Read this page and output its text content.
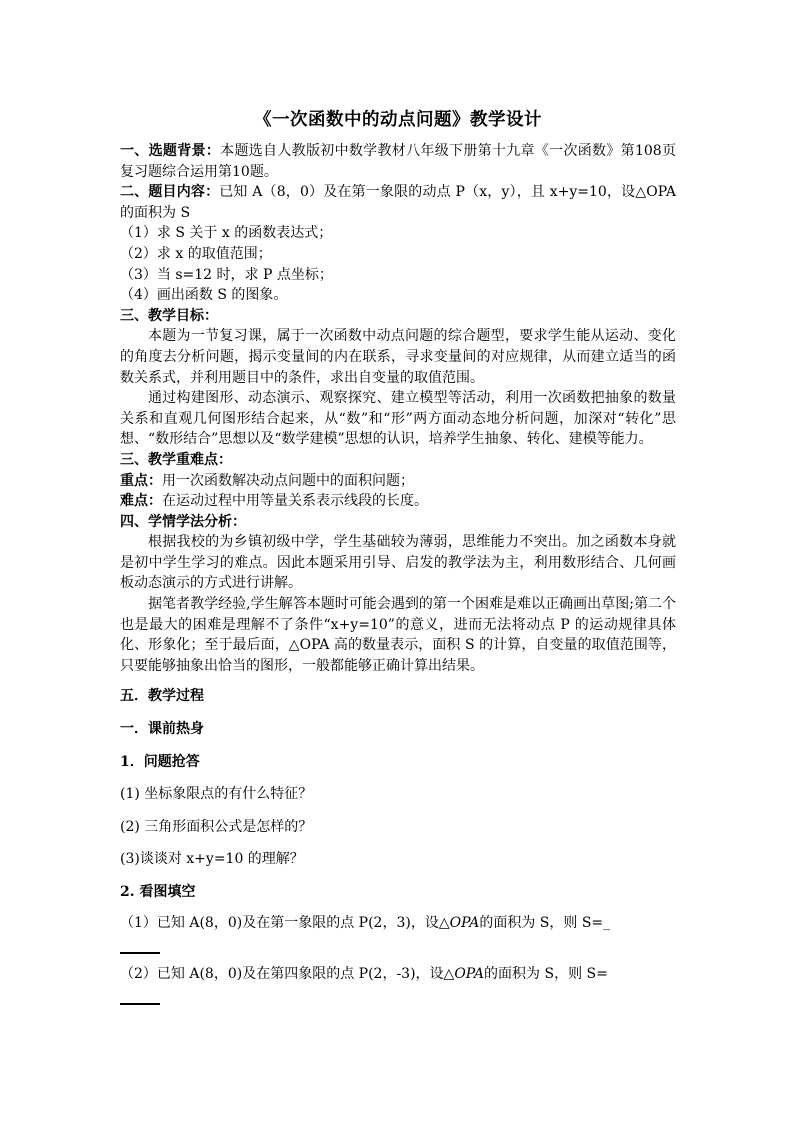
《一次函数中的动点问题》教学设计

一、选题背景：本题选自人教版初中数学教材八年级下册第十九章《一次函数》第108页复习题综合运用第10题。

二、题目内容：已知 A（8，0）及在第一象限的动点 P（x，y），且 x+y=10，设△OPA的面积为 S

（1）求 S 关于 x 的函数表达式；

（2）求 x 的取值范围；

（3）当 s=12 时，求 P 点坐标；

（4）画出函数 S 的图象。

三、教学目标：

本题为一节复习课，属于一次函数中动点问题的综合题型，要求学生能从运动、变化的角度去分析问题，揭示变量间的内在联系，寻求变量间的对应规律，从而建立适当的函数关系式，并利用题目中的条件，求出自变量的取值范围。

通过构建图形、动态演示、观察探究、建立模型等活动，利用一次函数把抽象的数量关系和直观几何图形结合起来，从“数”和“形”两方面动态地分析问题，加深对“转化”思想、“数形结合”思想以及“数学建模”思想的认识，培养学生抽象、转化、建模等能力。

三、教学重难点：

重点：用一次函数解决动点问题中的面积问题；

难点：在运动过程中用等量关系表示线段的长度。

四、学情学法分析：

根据我校的为乡镇初级中学，学生基础较为薄弱，思维能力不突出。加之函数本身就是初中学生学习的难点。因此本题采用引导、启发的教学法为主，利用数形结合、几何画板动态演示的方式进行讲解。

据笔者教学经验,学生解答本题时可能会遇到的第一个困难是难以正确画出草图;第二个也是最大的困难是理解不了条件“x+y=10”的意义，进而无法将动点 P 的运动规律具体化、形象化；至于最后面，△OPA 高的数量表示，面积 S 的计算，自变量的取值范围等，只要能够抽象出恰当的图形，一般都能够正确计算出结果。

五．教学过程

一．课前热身

1．问题抢答

(1) 坐标象限点的有什么特征？

(2) 三角形面积公式是怎样的？

(3)谈谈对 x+y=10 的理解？

2. 看图填空

（1）已知 A(8，0)及在第一象限的点 P(2，3)，设△OPA的面积为 S，则 S=_

（2）已知 A(8，0)及在第四象限的点 P(2，-3)，设△OPA的面积为 S，则 S=
